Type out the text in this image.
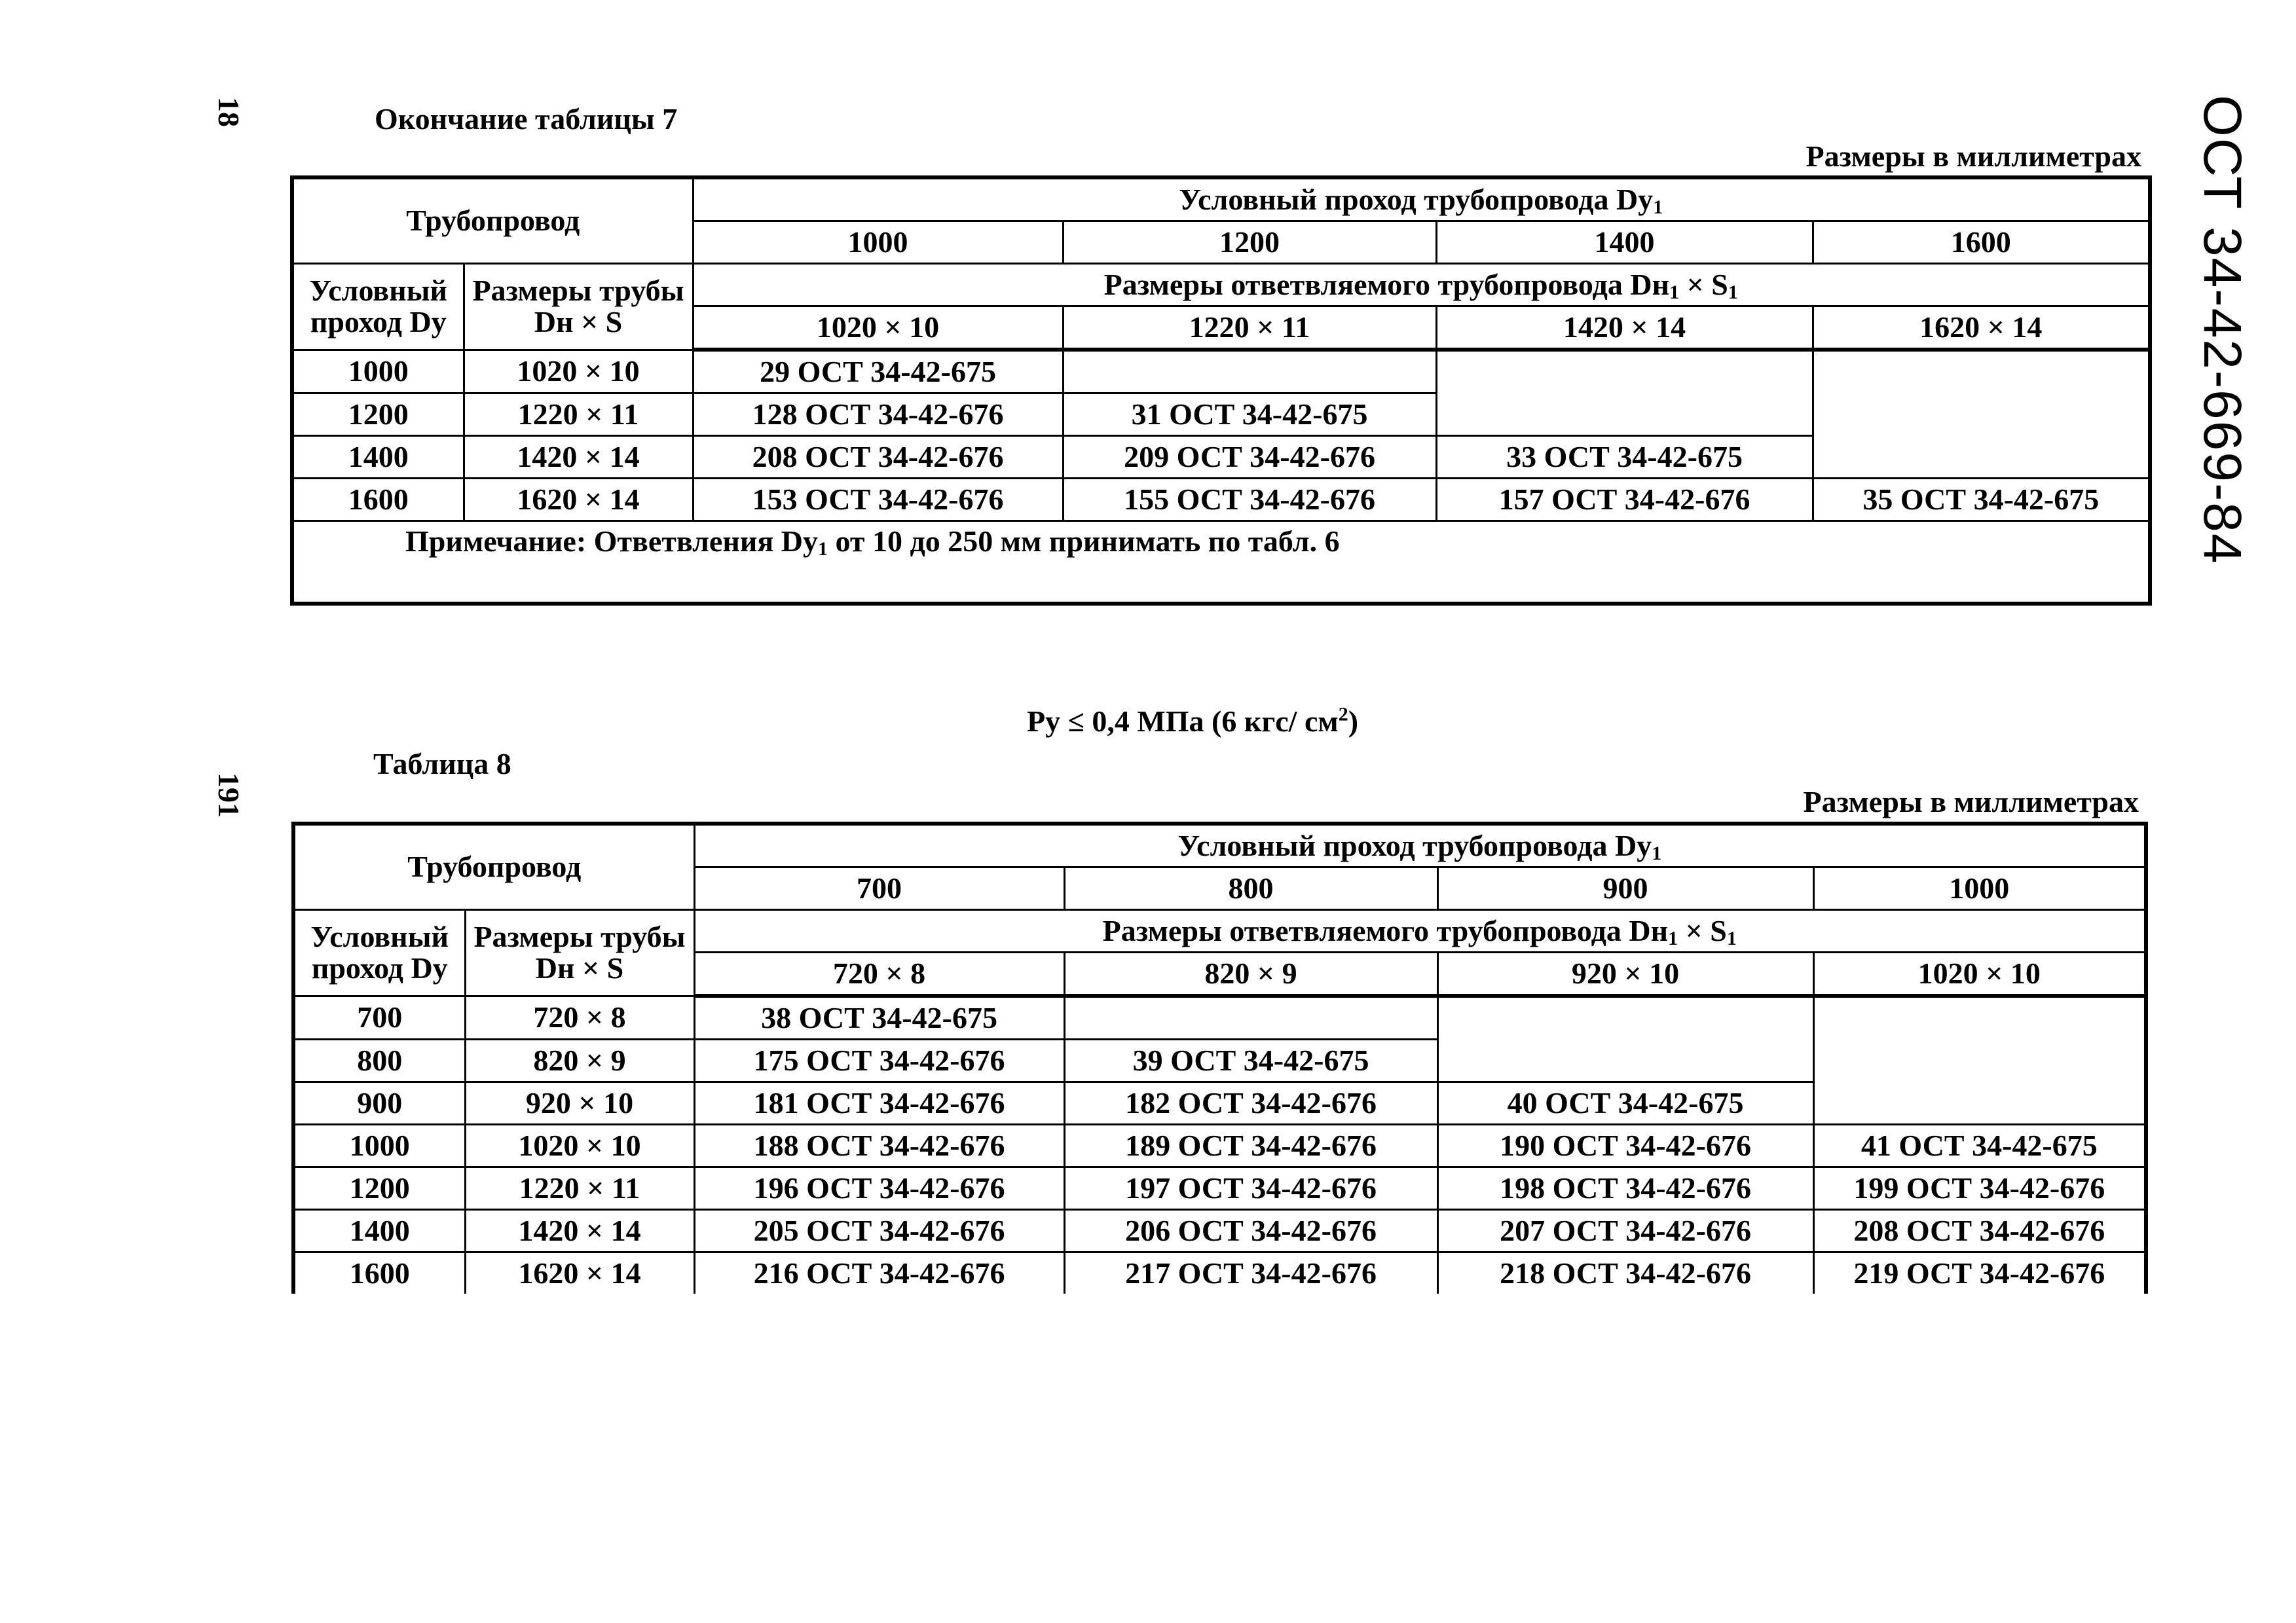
18
191
ОСТ 34-42-669-84
Окончание таблицы 7
Размеры в миллиметрах
Трубопровод		Условный проход трубопровода $Dу_1$
		1000	1200	1400	1600
Условный
проход Dу	Размеры трубы
Dн × S	Размеры ответвляемого трубопровода $Dн_1 \times S_1$
		1020 × 10	1220 × 11	1420 × 14	1620 × 14
1000	1020 × 10	29 ОСТ 34-42-675			
1200	1220 × 11	128 ОСТ 34-42-676	31 ОСТ 34-42-675		
1400	1420 × 14	208 ОСТ 34-42-676	209 ОСТ 34-42-676	33 ОСТ 34-42-675	
1600	1620 × 14	153 ОСТ 34-42-676	155 ОСТ 34-42-676	157 ОСТ 34-42-676	35 ОСТ 34-42-675
Примечание: Ответвления $Dу_1$ от 10 до 250 мм принимать по табл. 6					
Pу ≤ 0,4 МПа (6 кгс/ $см^2$)
Таблица 8
Размеры в миллиметрах
Трубопровод		Условный проход трубопровода $Dу_1$
		700	800	900	1000
Условный
проход Dу	Размеры трубы
Dн × S	Размеры ответвляемого трубопровода $Dн_1 \times S_1$
		720 × 8	820 × 9	920 × 10	1020 × 10
700	720 × 8	38 ОСТ 34-42-675			
800	820 × 9	175 ОСТ 34-42-676	39 ОСТ 34-42-675		
900	920 × 10	181 ОСТ 34-42-676	182 ОСТ 34-42-676	40 ОСТ 34-42-675	
1000	1020 × 10	188 ОСТ 34-42-676	189 ОСТ 34-42-676	190 ОСТ 34-42-676	41 ОСТ 34-42-675
1200	1220 × 11	196 ОСТ 34-42-676	197 ОСТ 34-42-676	198 ОСТ 34-42-676	199 ОСТ 34-42-676
1400	1420 × 14	205 ОСТ 34-42-676	206 ОСТ 34-42-676	207 ОСТ 34-42-676	208 ОСТ 34-42-676
1600	1620 × 14	216 ОСТ 34-42-676	217 ОСТ 34-42-676	218 ОСТ 34-42-676	219 ОСТ 34-42-676
